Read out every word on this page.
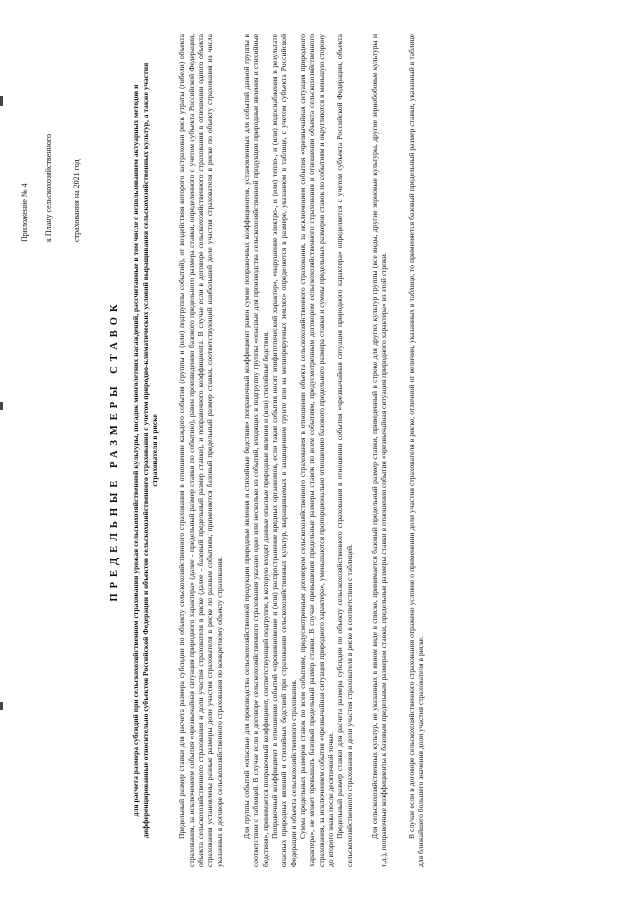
Приложение № 4 к Плану сельскохозяйственного страхования на 2021 год
ПРЕДЕЛЬНЫЕ РАЗМЕРЫ СТАВОК для расчета размера субсидий при сельскохозяйственном страховании урожая сельскохозяйственной культуры, посадок многолетних насаждений, рассчитанные в том числе с использованием актуарных методов и дифференцированные относительно субъектов Российской Федерации и объектов сельскохозяйственного страхования с учетом природно-климатических условий выращивания сельскохозяйственных культур, а также участия страхователя в риске Предельный размер ставки для расчета размера субсидии по объекту сельскохозяйственного страхования в отношении каждого события (группы и (или) подгруппы событий), от воздействия которого застрахован риск утраты (гибели) объекта страхования, за исключением события «чрезвычайная ситуация природного характера» (далее - предельный размер ставки по событию), равен произведению базового предельного размера ставки, определенного с учетом субъекта Российской Федерации, объекта сельскохозяйственного страхования и доли участия страхователя в риске (далее - базовый предельный размер ставки), и поправочного коэффициента. В случае если в договоре сельскохозяйственного страхования в отношении одного объекта страхования установлены разные размеры доли участия страхователя в риске по разным событиям, применяется базовый предельный размер ставки, соответствующий наибольшей доле участия страхователя в риске по объекту страхования из числа указанных в договоре сельскохозяйственного страхования по конкретному объекту страхования. Для группы событий «опасные для производства сельскохозяйственной продукции природные явления и стихийные бедствия» поправочный коэффициент равен сумме поправочных коэффициентов, установленных для событий данной группы в соответствии с таблицей. В случае если в договоре сельскохозяйственного страхования указано одно или несколько из событий, входящих в подгруппу группы «опасные для производства сельскохозяйственной продукции природные явления и стихийные бедствия», принимается поправочный коэффициент, соответствующий подгруппе, в которую входят данные опасные природные явления и (или) стихийные бедствия. Поправочный коэффициент в отношении событий «проникновение и (или) распространение вредных организмов, если такие события носят эпифитотический характер», «нарушение электро-, и (или) тепло-, и (или) водоснабжения в результате опасных природных явлений и стихийных бедствий при страховании сельскохозяйственных культур, выращиваемых в защищенном грунте или на мелиорируемых землях» определяется в размере, указанном в таблице, с учетом субъекта Российской Федерации и объекта сельскохозяйственного страхования. Сумма предельных размеров ставок по всем событиям, предусмотренным договором сельскохозяйственного страхования в отношении объекта сельскохозяйственного страхования, за исключением события «чрезвычайная ситуация природного характера», не может превышать базовый предельный размер ставки. В случае превышения предельные размеры ставок по всем событиям, предусмотренным договором сельскохозяйственного страхования в отношении объекта сельскохозяйственного страхования, за исключением события «чрезвычайная ситуация природного характера», уменьшаются пропорционально отношению базового предельного размера ставки и суммы предельных размеров ставок по событиям и округляются в меньшую сторону до второго знака после десятичной точки. Предельный размер ставки для расчета размера субсидии по объекту сельскохозяйственного страхования в отношении события «чрезвычайная ситуация природного характера» определяется с учетом субъекта Российской Федерации, объекта сельскохозяйственного страхования и доли участия страхователя в риске в соответствии с таблицей. Для сельскохозяйственных культур, не указанных в явном виде в списке, принимается базовый предельный размер ставки, приведенный в строке для других культур группы (все виды, другие зерновые культуры, другие зернобобовые культуры и т.д.), поправочные коэффициенты к базовым предельным размерам ставки, предельные размеры ставки в отношении события «чрезвычайная ситуация природного характера» из этой строки. В случае если в договоре сельскохозяйственного страхования отражено условие о применении доли участия страхователя в риске, отличной от величин, указанных в таблице, то применяется базовый предельный размер ставки, указанный в таблице для ближайшего большего значения доли участия страхователя в риске.
